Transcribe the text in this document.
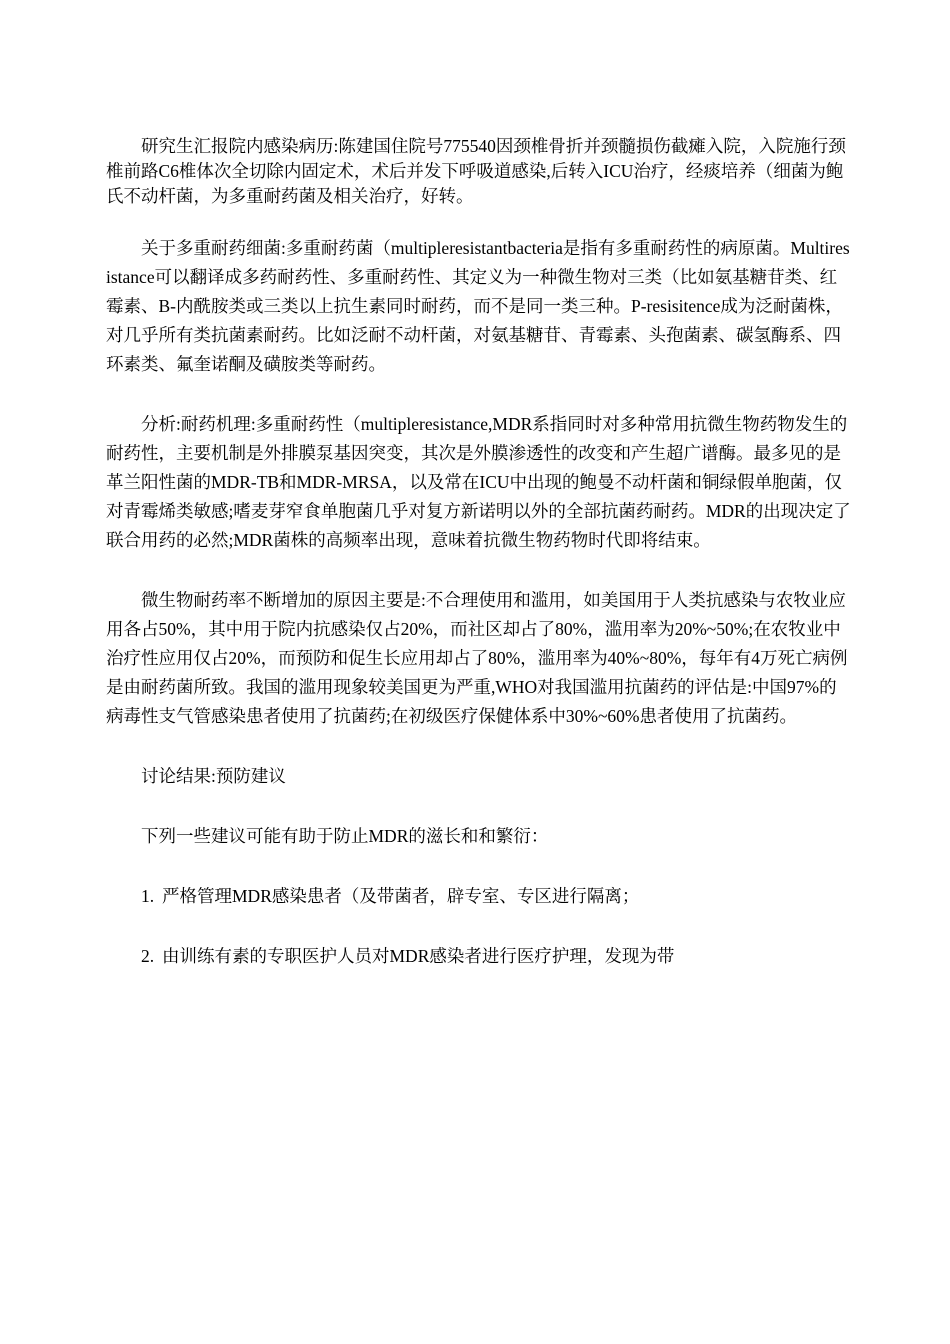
研究生汇报院内感染病历:陈建国住院号775540因颈椎骨折并颈髓损伤截瘫入院，入院施行颈椎前路C6椎体次全切除内固定术，术后并发下呼吸道感染,后转入ICU治疗，经痰培养（细菌为鲍氏不动杆菌，为多重耐药菌及相关治疗，好转。

关于多重耐药细菌:多重耐药菌（multipleresistantbacteria是指有多重耐药性的病原菌。Multiresistance可以翻译成多药耐药性、多重耐药性、其定义为一种微生物对三类（比如氨基糖苷类、红霉素、B-内酰胺类或三类以上抗生素同时耐药，而不是同一类三种。P-resisitence成为泛耐菌株，对几乎所有类抗菌素耐药。比如泛耐不动杆菌，对氨基糖苷、青霉素、头孢菌素、碳氢酶系、四环素类、氟奎诺酮及磺胺类等耐药。

分析:耐药机理:多重耐药性（multipleresistance,MDR系指同时对多种常用抗微生物药物发生的耐药性，主要机制是外排膜泵基因突变，其次是外膜渗透性的改变和产生超广谱酶。最多见的是革兰阳性菌的MDR-TB和MDR-MRSA，以及常在ICU中出现的鲍曼不动杆菌和铜绿假单胞菌，仅对青霉烯类敏感;嗜麦芽窄食单胞菌几乎对复方新诺明以外的全部抗菌药耐药。MDR的出现决定了联合用药的必然;MDR菌株的高频率出现，意味着抗微生物药物时代即将结束。

微生物耐药率不断增加的原因主要是:不合理使用和滥用，如美国用于人类抗感染与农牧业应用各占50%，其中用于院内抗感染仅占20%，而社区却占了80%，滥用率为20%~50%;在农牧业中治疗性应用仅占20%，而预防和促生长应用却占了80%，滥用率为40%~80%，每年有4万死亡病例是由耐药菌所致。我国的滥用现象较美国更为严重,WHO对我国滥用抗菌药的评估是:中国97%的病毒性支气管感染患者使用了抗菌药;在初级医疗保健体系中30%~60%患者使用了抗菌药。

讨论结果:预防建议

下列一些建议可能有助于防止MDR的滋长和和繁衍：

1. 严格管理MDR感染患者（及带菌者，辟专室、专区进行隔离；
2. 由训练有素的专职医护人员对MDR感染者进行医疗护理，发现为带
